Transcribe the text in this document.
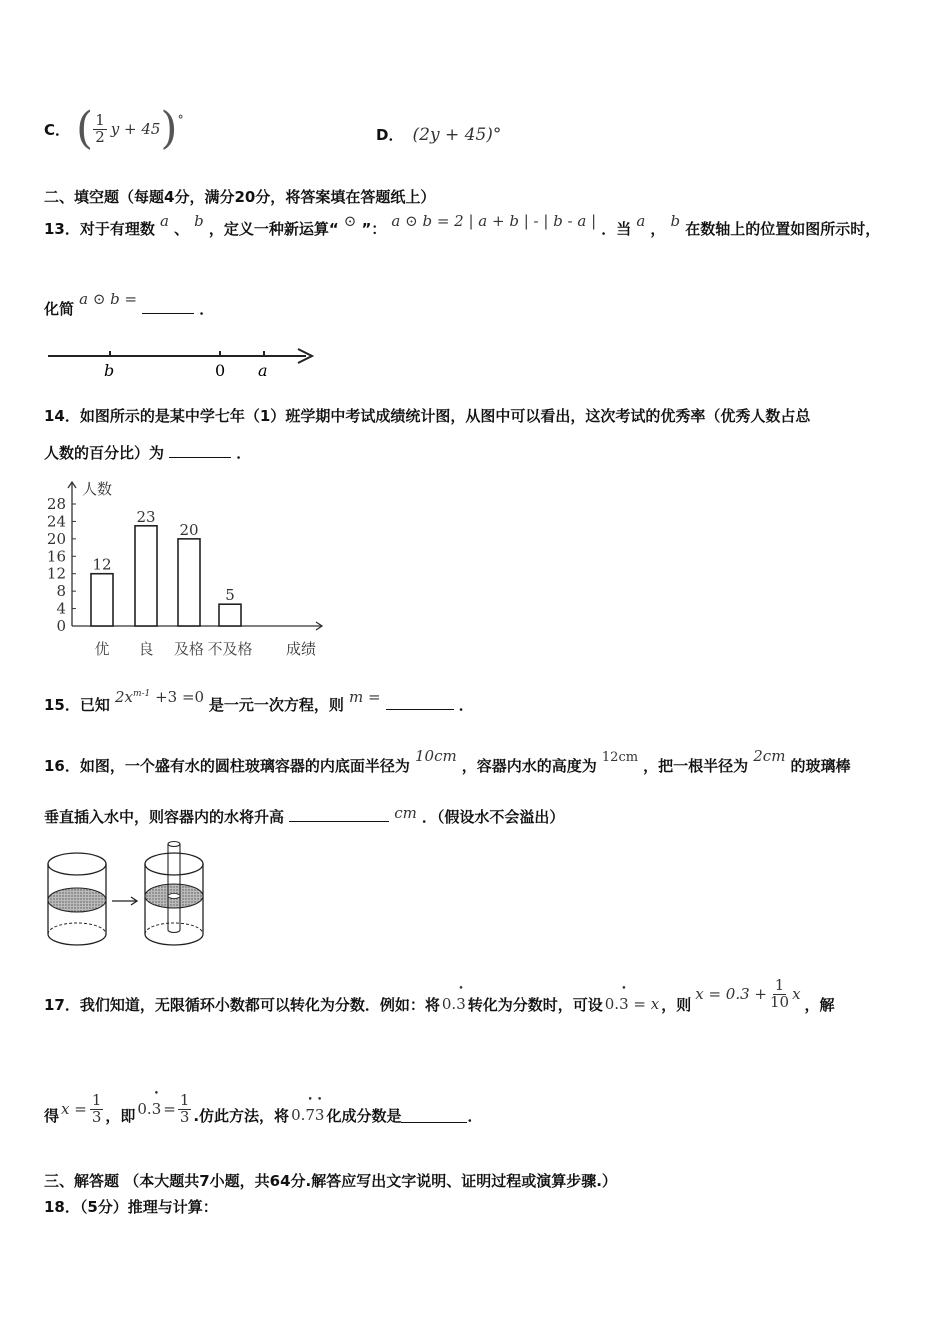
C． ( $\frac{1}{2}$ y + 45 ) °
D． (2y + 45)°
二、填空题（每题4分，满分20分，将答案填在答题纸上）
13．对于有理数 a 、 b ，定义一种新运算“ ⊙ ”： a ⊙ b = 2 | a + b | - | b - a | ．当 a ， b 在数轴上的位置如图所示时，
化简 a ⊙ b =  ．
b	0 a
14．如图所示的是某中学七年（1）班学期中考试成绩统计图，从图中可以看出，这次考试的优秀率（优秀人数占总
人数的百分比）为	．
人数
成绩
0
4
8
12
16
20
24
28
12
优
23
良
20
及格
5
不及格
15．已知 $2x^{m-1} +3 =0$ 是一元一次方程，则 m =	．
16．如图，一个盛有水的圆柱玻璃容器的内底面半径为 10cm ，容器内水的高度为 $^{12cm}$ ，把一根半径为 2cm 的玻璃棒
垂直插入水中，则容器内的水将升高	cm ．（假设水不会溢出）
17．我们知道，无限循环小数都可以转化为分数．例如：将 0.• 3 转化为分数时，可设 0.• 3 = x ，则
$x = 0.3 + \frac{1}{10}$ x
，解
得 $x = \frac{1}{3}$ ，即 0.
• $3 = \frac{1}{3}$ .仿此方法，将 0.• 7• 3 化成分数是	．
三、解答题 （本大题共7小题，共64分.解答应写出文字说明、证明过程或演算步骤.）
18．（5分）推理与计算：
